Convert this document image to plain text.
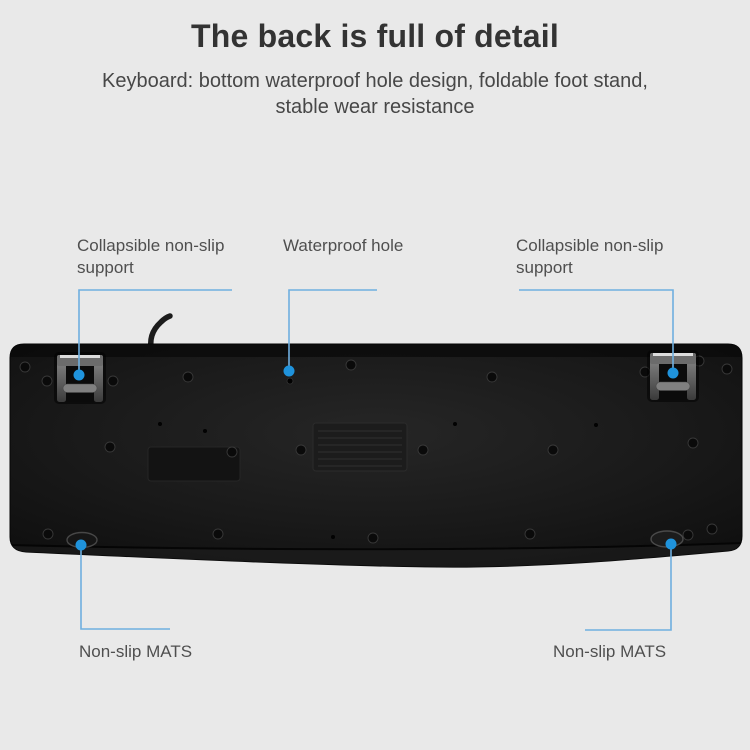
The back is full of detail
Keyboard: bottom waterproof hole design, foldable foot stand,
stable wear resistance
Collapsible non-slip support
Waterproof hole	Collapsible non-slip support
Non-slip MATS	Non-slip MATS
